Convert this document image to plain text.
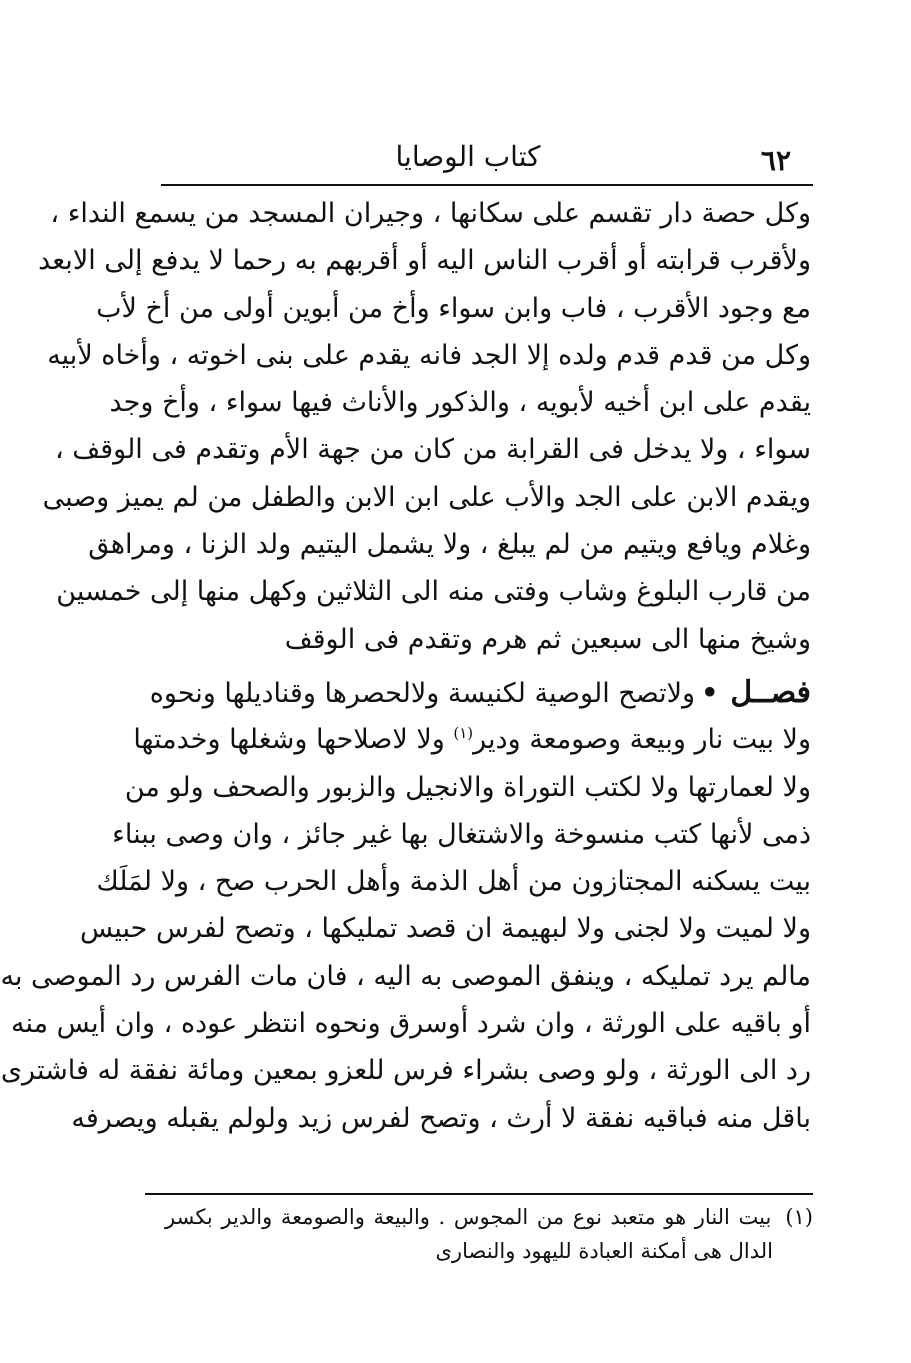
٦٢
كتاب الوصايا
وكل حصة دار تقسم على سكانها ، وجيران المسجد من يسمع النداء ،
ولأقرب قرابته أو أقرب الناس اليه أو أقربهم به رحما لا يدفع إلى الابعد
مع وجود الأقرب ، فاب وابن سواء وأخ من أبوين أولى من أخ لأب
وكل من قدم قدم ولده إلا الجد فانه يقدم على بنى اخوته ، وأخاه لأبيه
يقدم على ابن أخيه لأبويه ، والذكور والأناث فيها سواء ، وأخ وجد
سواء ، ولا يدخل فى القرابة من كان من جهة الأم وتقدم فى الوقف ،
ويقدم الابن على الجد والأب على ابن الابن والطفل من لم يميز وصبى
وغلام ويافع ويتيم من لم يبلغ ، ولا يشمل اليتيم ولد الزنا ، ومراهق
من قارب البلوغ وشاب وفتى منه الى الثلاثين وكهل منها إلى خمسين
وشيخ منها الى سبعين ثم هرم وتقدم فى الوقف
فصــل•ولاتصح الوصية لكنيسة ولالحصرها وقناديلها ونحوه
ولا بيت نار وبيعة وصومعة ودير$^{(١)}$ ولا لاصلاحها وشغلها وخدمتها
ولا لعمارتها ولا لكتب التوراة والانجيل والزبور والصحف ولو من
ذمى لأنها كتب منسوخة والاشتغال بها غير جائز ، وان وصى ببناء
بيت يسكنه المجتازون من أهل الذمة وأهل الحرب صح ، ولا لمَلَك
ولا لميت ولا لجنى ولا لبهيمة ان قصد تمليكها ، وتصح لفرس حبيس
مالم يرد تمليكه ، وينفق الموصى به اليه ، فان مات الفرس رد الموصى به
أو باقيه على الورثة ، وان شرد أوسرق ونحوه انتظر عوده ، وان أيس منه
رد الى الورثة ، ولو وصى بشراء فرس للعزو بمعين ومائة نفقة له فاشترى
باقل منه فباقيه نفقة لا أرث ، وتصح لفرس زيد ولولم يقبله ويصرفه
(١)بيت النار هو متعبد نوع من المجوس . والبيعة والصومعة والدير بكسر
الدال هى أمكنة العبادة لليهود والنصارى
